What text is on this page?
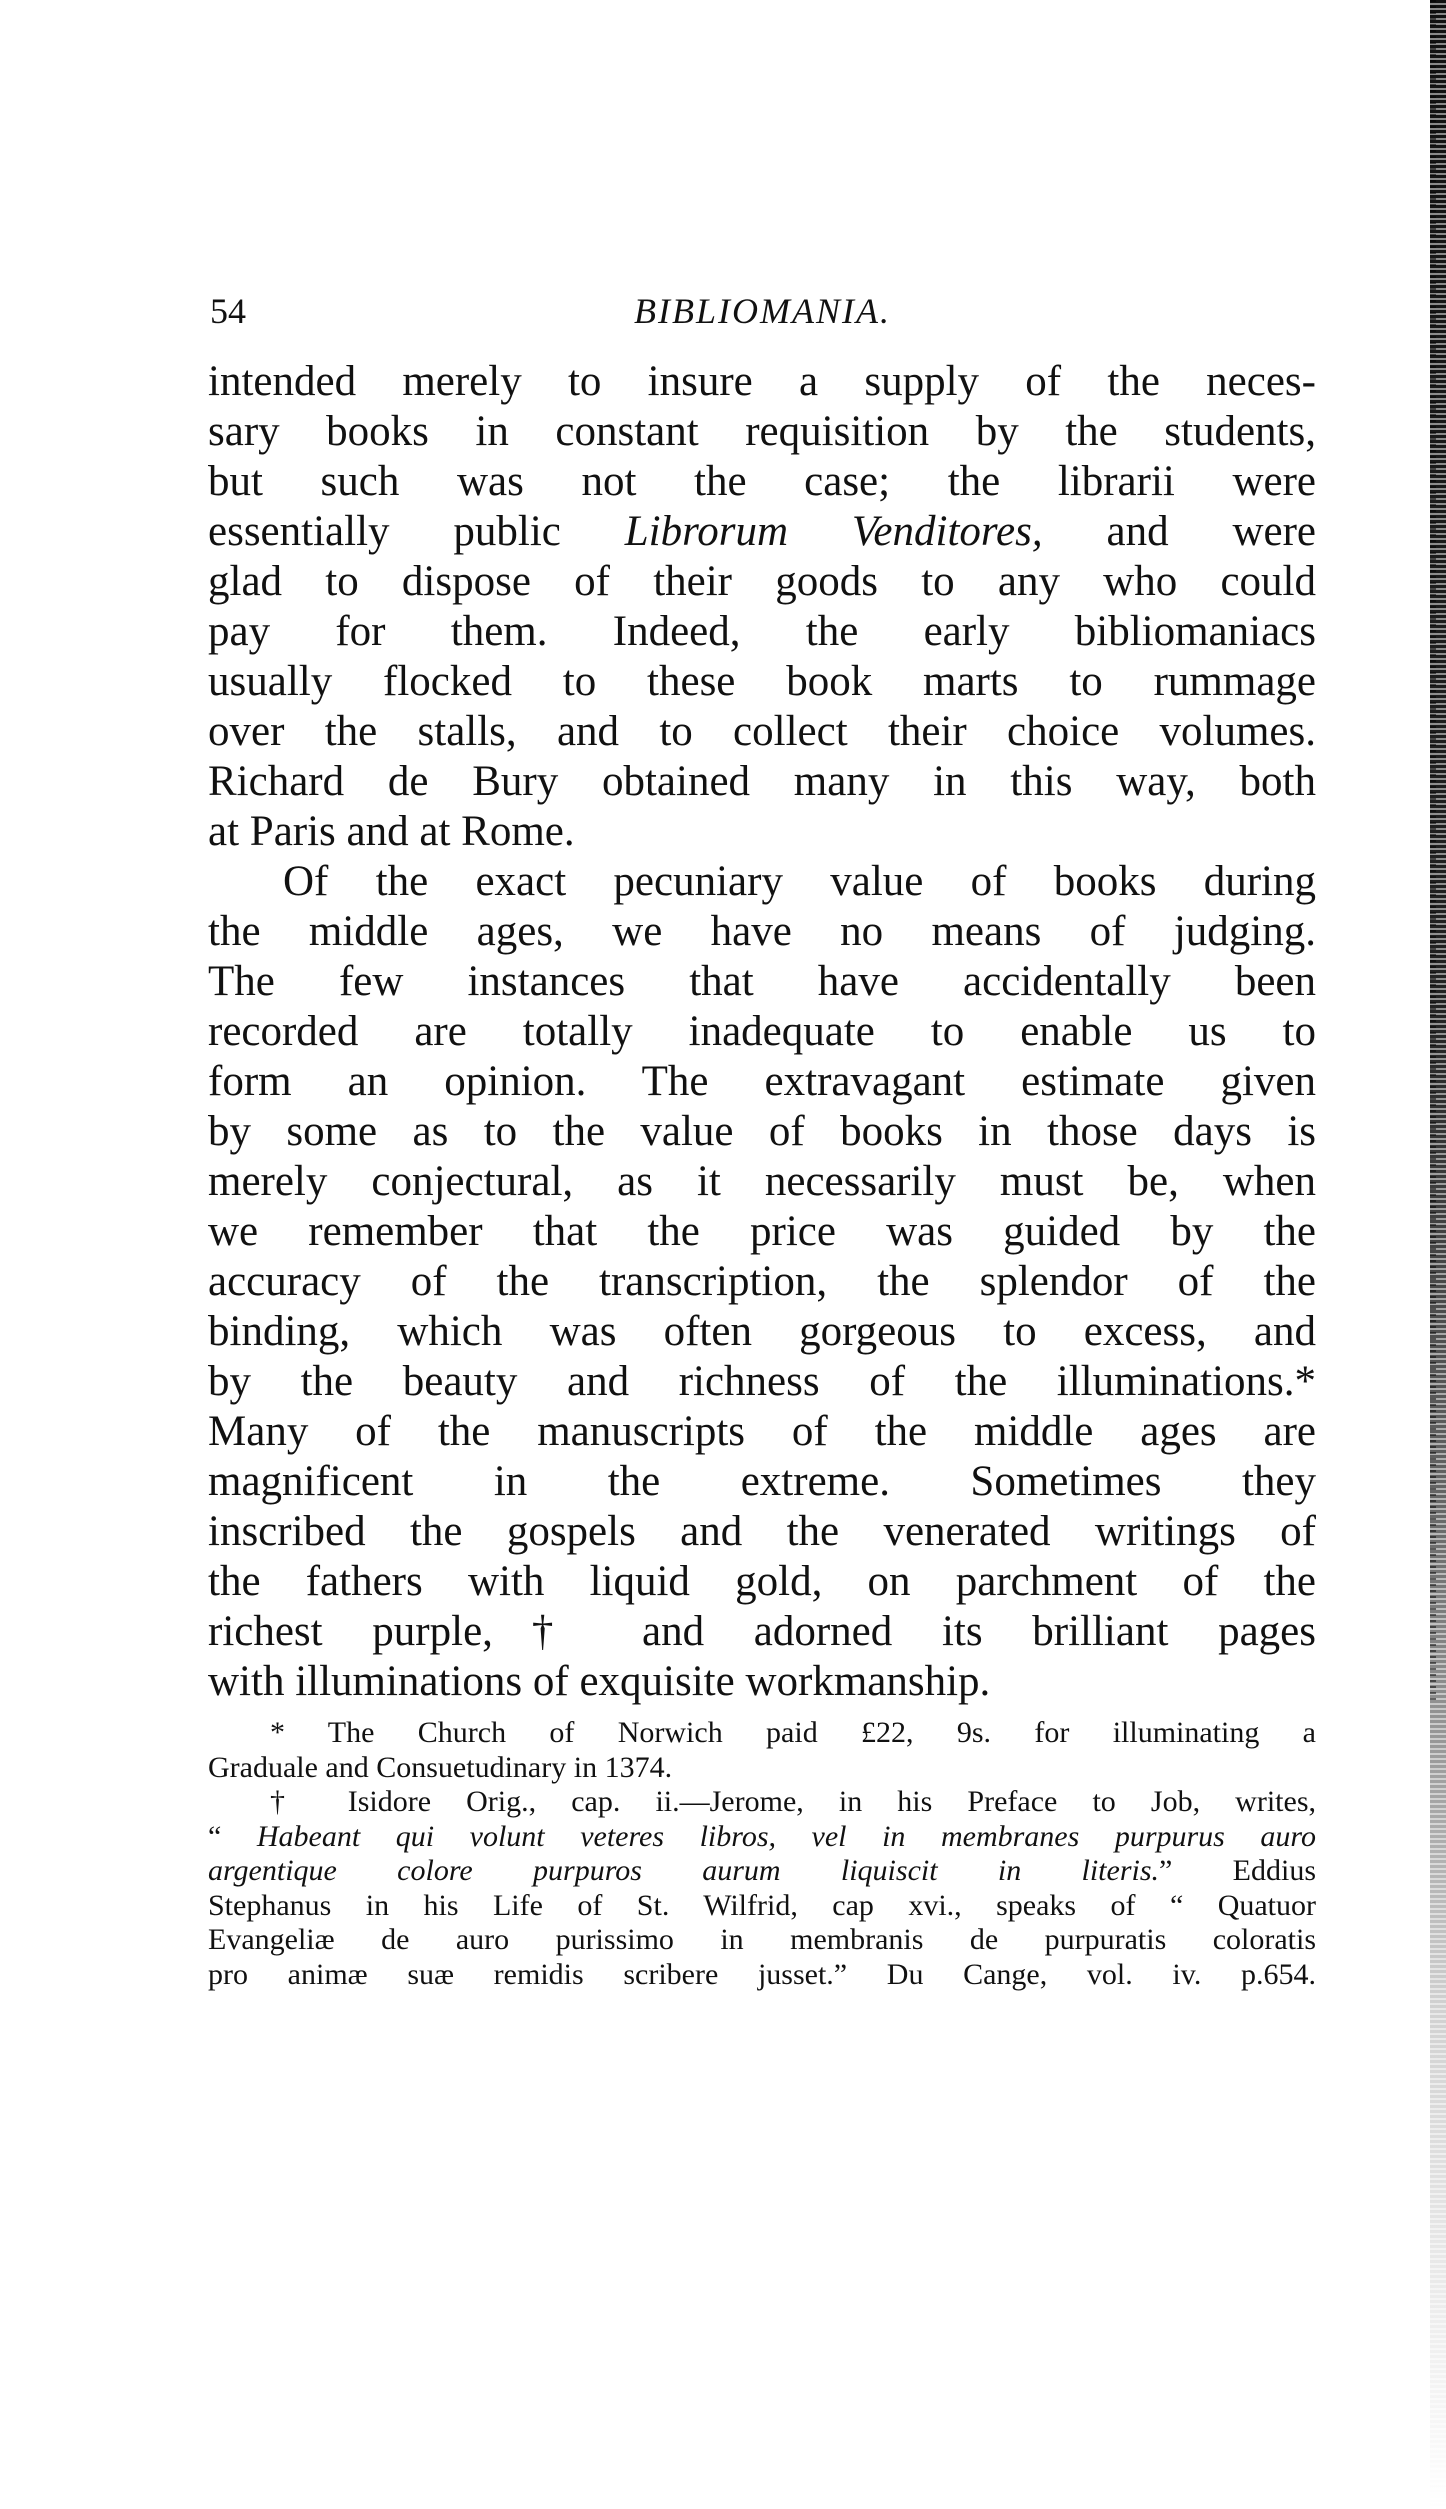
54	BIBLIOMANIA.
intended merely to insure a supply of the neces-
sary books in constant requisition by the students,
but such was not the case; the librarii were
essentially public Librorum Venditores, and were
glad to dispose of their goods to any who could
pay for them. Indeed, the early bibliomaniacs
usually flocked to these book marts to rummage
over the stalls, and to collect their choice volumes.
Richard de Bury obtained many in this way, both
at Paris and at Rome.
Of the exact pecuniary value of books during
the middle ages, we have no means of judging.
The few instances that have accidentally been
recorded are totally inadequate to enable us to
form an opinion. The extravagant estimate given
by some as to the value of books in those days is
merely conjectural, as it necessarily must be, when
we remember that the price was guided by the
accuracy of the transcription, the splendor of the
binding, which was often gorgeous to excess, and
by the beauty and richness of the illuminations.*
Many of the manuscripts of the middle ages are
magnificent in the extreme. Sometimes they
inscribed the gospels and the venerated writings of
the fathers with liquid gold, on parchment of the
richest purple,† and adorned its brilliant pages
with illuminations of exquisite workmanship.
* The Church of Norwich paid £22, 9s. for illuminating a
Graduale and Consuetudinary in 1374.
† Isidore Orig., cap. ii.—Jerome, in his Preface to Job, writes,
“ Habeant qui volunt veteres libros, vel in membranes purpurus auro
argentique colore purpuros aurum liquiscit in literis.” Eddius
Stephanus in his Life of St. Wilfrid, cap xvi., speaks of “ Quatuor
Evangeliæ de auro purissimo in membranis de purpuratis coloratis
pro animæ suæ remidis scribere jusset.” Du Cange, vol. iv. p.654.
